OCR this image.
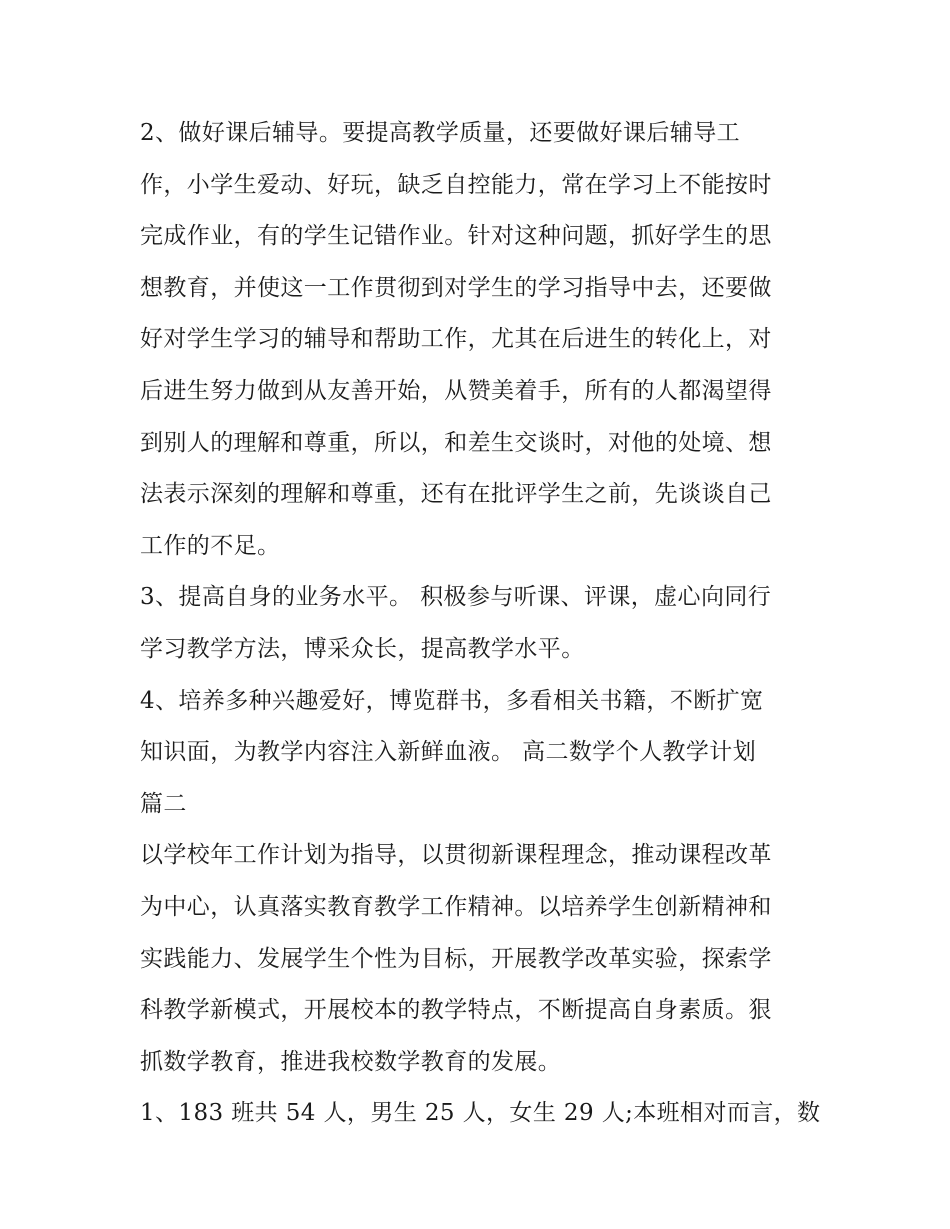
2、做好课后辅导。要提高教学质量，还要做好课后辅导工
作，小学生爱动、好玩，缺乏自控能力，常在学习上不能按时
完成作业，有的学生记错作业。针对这种问题，抓好学生的思
想教育，并使这一工作贯彻到对学生的学习指导中去，还要做
好对学生学习的辅导和帮助工作，尤其在后进生的转化上，对
后进生努力做到从友善开始，从赞美着手，所有的人都渴望得
到别人的理解和尊重，所以，和差生交谈时，对他的处境、想
法表示深刻的理解和尊重，还有在批评学生之前，先谈谈自己
工作的不足。
3、提高自身的业务水平。 积极参与听课、评课，虚心向同行
学习教学方法，博采众长，提高教学水平。
4、培养多种兴趣爱好，博览群书，多看相关书籍，不断扩宽
知识面，为教学内容注入新鲜血液。 高二数学个人教学计划
篇二
以学校年工作计划为指导，以贯彻新课程理念，推动课程改革
为中心，认真落实教育教学工作精神。以培养学生创新精神和
实践能力、发展学生个性为目标，开展教学改革实验，探索学
科教学新模式，开展校本的教学特点，不断提高自身素质。狠
抓数学教育，推进我校数学教育的发展。
1、183 班共 54 人，男生 25 人，女生 29 人;本班相对而言，数
